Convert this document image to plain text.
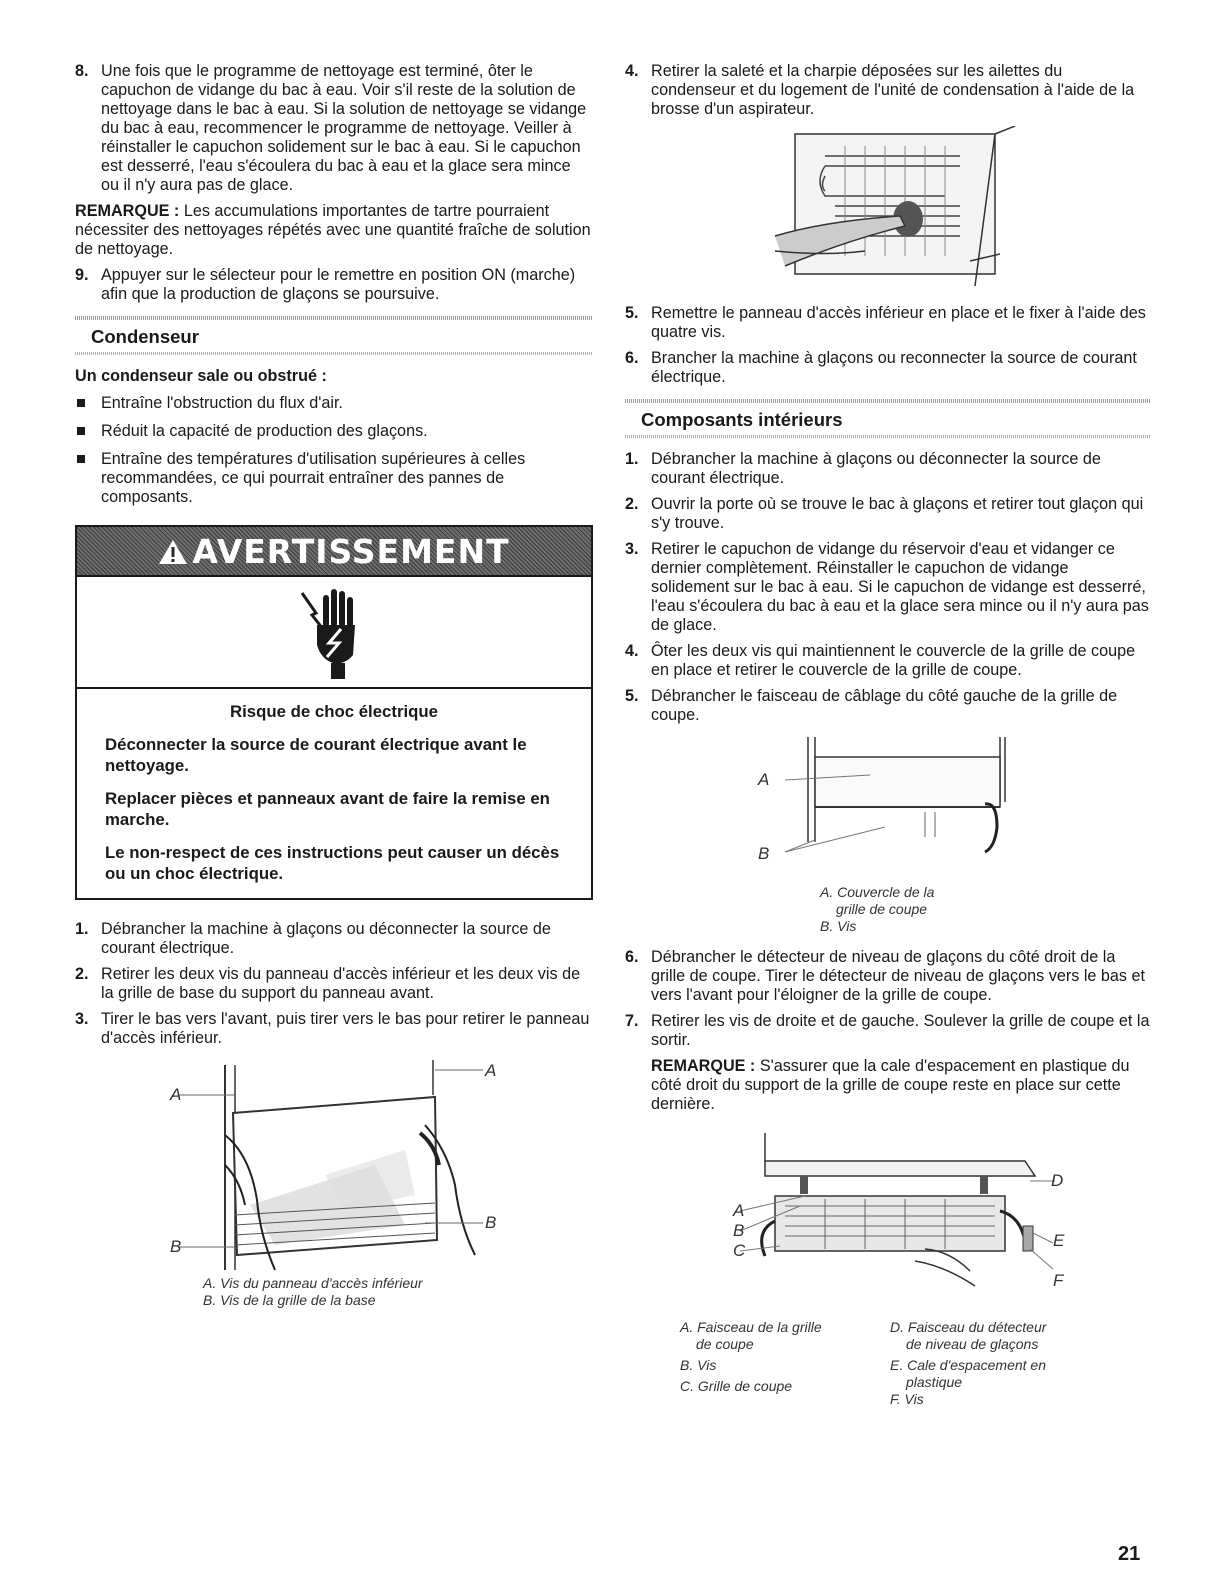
8. Une fois que le programme de nettoyage est terminé, ôter le capuchon de vidange du bac à eau. Voir s'il reste de la solution de nettoyage dans le bac à eau. Si la solution de nettoyage se vidange du bac à eau, recommencer le programme de nettoyage. Veiller à réinstaller le capuchon solidement sur le bac à eau. Si le capuchon est desserré, l'eau s'écoulera du bac à eau et la glace sera mince ou il n'y aura pas de glace.
REMARQUE : Les accumulations importantes de tartre pourraient nécessiter des nettoyages répétés avec une quantité fraîche de solution de nettoyage.
9. Appuyer sur le sélecteur pour le remettre en position ON (marche) afin que la production de glaçons se poursuive.
Condenseur
Un condenseur sale ou obstrué :
Entraîne l'obstruction du flux d'air.
Réduit la capacité de production des glaçons.
Entraîne des températures d'utilisation supérieures à celles recommandées, ce qui pourrait entraîner des pannes de composants.
AVERTISSEMENT
Risque de choc électrique

Déconnecter la source de courant électrique avant le nettoyage.

Replacer pièces et panneaux avant de faire la remise en marche.

Le non-respect de ces instructions peut causer un décès ou un choc électrique.

1. Débrancher la machine à glaçons ou déconnecter la source de courant électrique.
2. Retirer les deux vis du panneau d'accès inférieur et les deux vis de la grille de base du support du panneau avant.
3. Tirer le bas vers l'avant, puis tirer vers le bas pour retirer le panneau d'accès inférieur.
A
A
B
B
A. Vis du panneau d'accès inférieur
B. Vis de la grille de la base
4. Retirer la saleté et la charpie déposées sur les ailettes du condenseur et du logement de l'unité de condensation à l'aide de la brosse d'un aspirateur.
5. Remettre le panneau d'accès inférieur en place et le fixer à l'aide des quatre vis.
6. Brancher la machine à glaçons ou reconnecter la source de courant électrique.
Composants intérieurs
1. Débrancher la machine à glaçons ou déconnecter la source de courant électrique.
2. Ouvrir la porte où se trouve le bac à glaçons et retirer tout glaçon qui s'y trouve.
3. Retirer le capuchon de vidange du réservoir d'eau et vidanger ce dernier complètement. Réinstaller le capuchon de vidange solidement sur le bac à eau. Si le capuchon de vidange est desserré, l'eau s'écoulera du bac à eau et la glace sera mince ou il n'y aura pas de glace.
4. Ôter les deux vis qui maintiennent le couvercle de la grille de coupe en place et retirer le couvercle de la grille de coupe.
5. Débrancher le faisceau de câblage du côté gauche de la grille de coupe.
A
B
A. Couvercle de la
grille de coupe
B. Vis
6. Débrancher le détecteur de niveau de glaçons du côté droit de la grille de coupe. Tirer le détecteur de niveau de glaçons vers le bas et vers l'avant pour l'éloigner de la grille de coupe.
7. Retirer les vis de droite et de gauche. Soulever la grille de coupe et la sortir.
REMARQUE : S'assurer que la cale d'espacement en plastique du côté droit du support de la grille de coupe reste en place sur cette dernière.
A
B
C
D
E
F
A. Faisceau de la grille
de coupe
B. Vis
C. Grille de coupe
D. Faisceau du détecteur
de niveau de glaçons
E. Cale d'espacement en
plastique
F. Vis
21
